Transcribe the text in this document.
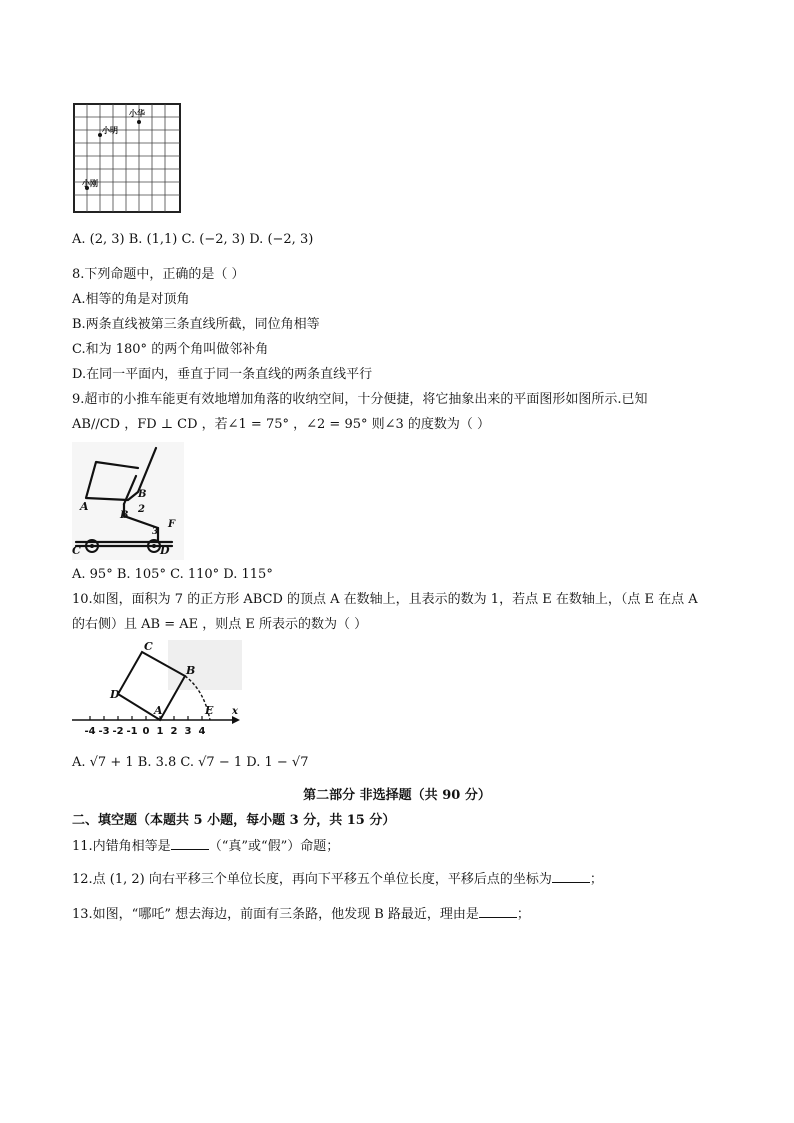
小华
小明
小刚
A. (2, 3) B. (1,1) C. (−2, 3) D. (−2, 3)
8.下列命题中，正确的是（ ）
A.相等的角是对顶角
B.两条直线被第三条直线所截，同位角相等
C.和为 180° 的两个角叫做邻补角
D.在同一平面内，垂直于同一条直线的两条直线平行
9.超市的小推车能更有效地增加角落的收纳空间，十分便捷，将它抽象出来的平面图形如图所示.已知
AB//CD ，FD ⊥ CD ，若∠1 = 75° ，∠2 = 95° 则∠3 的度数为（ ）
A
B
B
2
3
F
C	D
A. 95° B. 105° C. 110° D. 115°
10.如图，面积为 7 的正方形 ABCD 的顶点 A 在数轴上，且表示的数为 1，若点 E 在数轴上，（点 E 在点 A
的右侧）且 AB = AE ，则点 E 所表示的数为（ ）
C
B
D
A	E x
-4 -3 -2 -1 0 1 2 3 4
A. √7 + 1 B. 3.8 C. √7 − 1 D. 1 − √7
第二部分 非选择题（共 90 分）
二、填空题（本题共 5 小题，每小题 3 分，共 15 分）
11.内错角相等是	（“真”或“假”）命题；
12.点 (1, 2) 向右平移三个单位长度，再向下平移五个单位长度，平移后点的坐标为	；
13.如图，“哪吒” 想去海边，前面有三条路，他发现 B 路最近，理由是	；
